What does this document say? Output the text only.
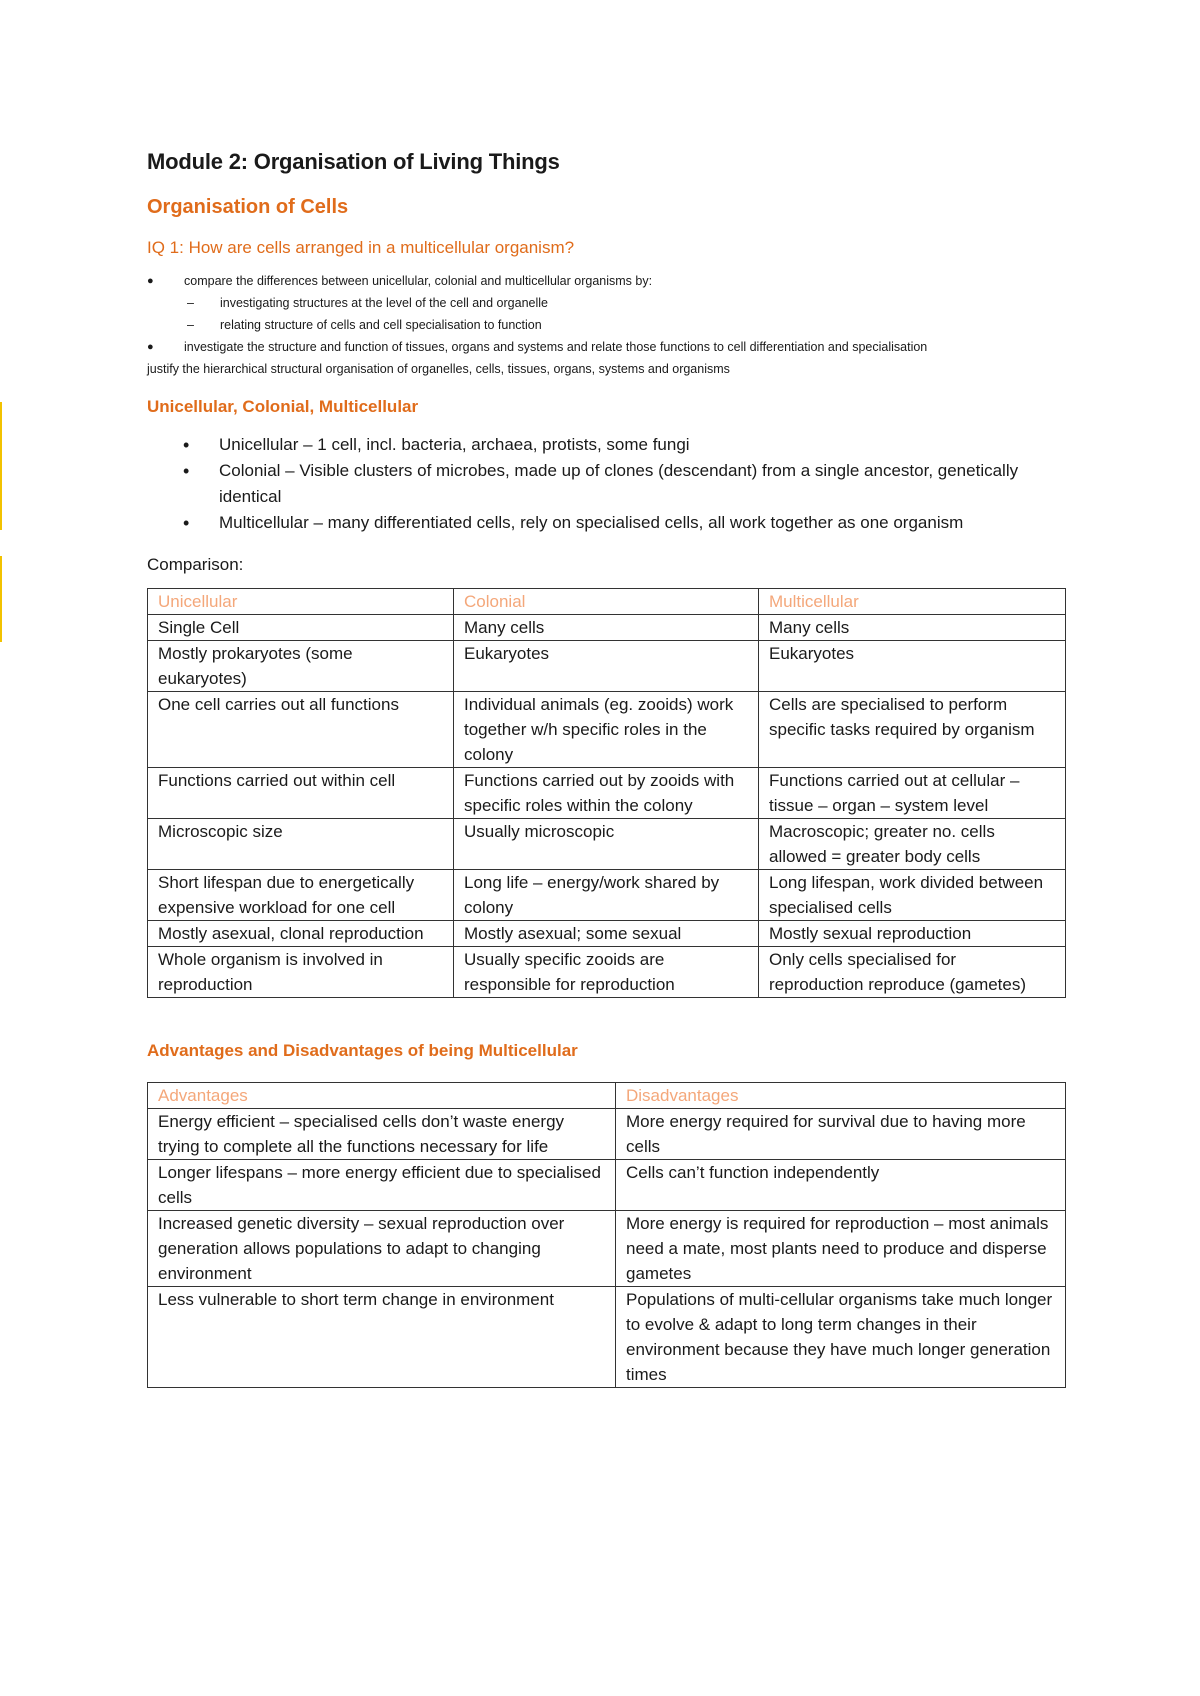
Module 2: Organisation of Living Things
Organisation of Cells
IQ 1: How are cells arranged in a multicellular organism?
● compare the differences between unicellular, colonial and multicellular organisms by:
– investigating structures at the level of the cell and organelle
– relating structure of cells and cell specialisation to function
● investigate the structure and function of tissues, organs and systems and relate those functions to cell differentiation and specialisation

justify the hierarchical structural organisation of organelles, cells, tissues, organs, systems and organisms

Unicellular, Colonial, Multicellular
• Unicellular – 1 cell, incl. bacteria, archaea, protists, some fungi
• Colonial – Visible clusters of microbes, made up of clones (descendant) from a single ancestor, genetically identical
• Multicellular – many differentiated cells, rely on specialised cells, all work together as one organism

Comparison:

Unicellular	Colonial	Multicellular
Single Cell	Many cells	Many cells
Mostly prokaryotes (some eukaryotes)	Eukaryotes	Eukaryotes
One cell carries out all functions	Individual animals (eg. zooids) work together w/h specific roles in the colony	Cells are specialised to perform specific tasks required by organism
Functions carried out within cell	Functions carried out by zooids with specific roles within the colony	Functions carried out at cellular – tissue – organ – system level
Microscopic size	Usually microscopic	Macroscopic; greater no. cells allowed = greater body cells
Short lifespan due to energetically expensive workload for one cell	Long life – energy/work shared by colony	Long lifespan, work divided between specialised cells
Mostly asexual, clonal reproduction	Mostly asexual; some sexual	Mostly sexual reproduction
Whole organism is involved in reproduction	Usually specific zooids are responsible for reproduction	Only cells specialised for reproduction reproduce (gametes)
Advantages and Disadvantages of being Multicellular
Advantages	Disadvantages
Energy efficient – specialised cells don’t waste energy trying to complete all the functions necessary for life	More energy required for survival due to having more cells
Longer lifespans – more energy efficient due to specialised cells	Cells can’t function independently
Increased genetic diversity – sexual reproduction over generation allows populations to adapt to changing environment	More energy is required for reproduction – most animals need a mate, most plants need to produce and disperse gametes
Less vulnerable to short term change in environment	Populations of multi-cellular organisms take much longer to evolve & adapt to long term changes in their environment because they have much longer generation times
